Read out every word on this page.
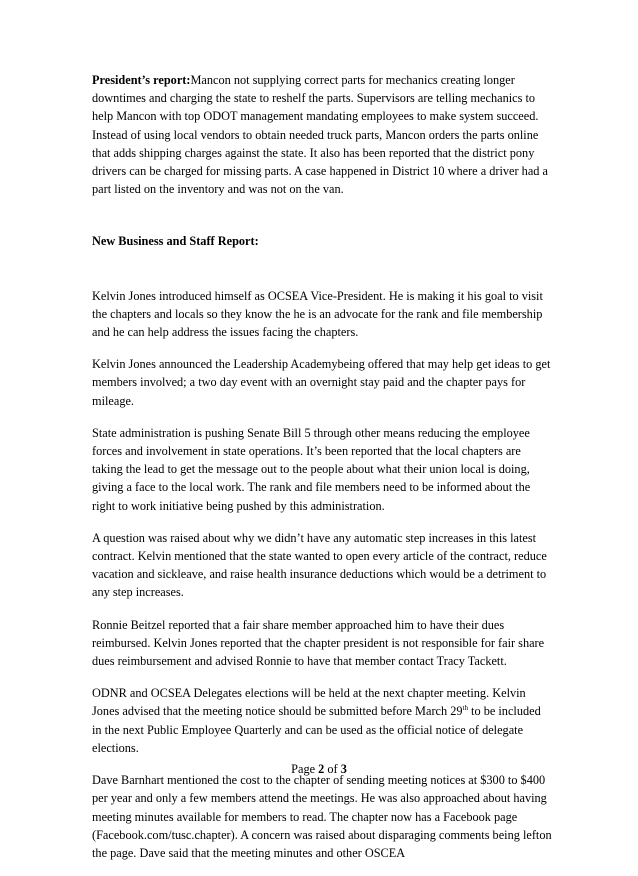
President’s report:Mancon not supplying correct parts for mechanics creating longer downtimes and charging the state to reshelf the parts. Supervisors are telling mechanics to help Mancon with top ODOT management mandating employees to make system succeed. Instead of using local vendors to obtain needed truck parts, Mancon orders the parts online that adds shipping charges against the state. It also has been reported that the district pony drivers can be charged for missing parts. A case happened in District 10 where a driver had a part listed on the inventory and was not on the van.

New Business and Staff Report:

Kelvin Jones introduced himself as OCSEA Vice-President. He is making it his goal to visit the chapters and locals so they know the he is an advocate for the rank and file membership and he can help address the issues facing the chapters.

Kelvin Jones announced the Leadership Academybeing offered that may help get ideas to get members involved; a two day event with an overnight stay paid and the chapter pays for mileage.

State administration is pushing Senate Bill 5 through other means reducing the employee forces and involvement in state operations. It’s been reported that the local chapters are taking the lead to get the message out to the people about what their union local is doing, giving a face to the local work. The rank and file members need to be informed about the right to work initiative being pushed by this administration.

A question was raised about why we didn’t have any automatic step increases in this latest contract. Kelvin mentioned that the state wanted to open every article of the contract, reduce vacation and sickleave, and raise health insurance deductions which would be a detriment to any step increases.

Ronnie Beitzel reported that a fair share member approached him to have their dues reimbursed. Kelvin Jones reported that the chapter president is not responsible for fair share dues reimbursement and advised Ronnie to have that member contact Tracy Tackett.

ODNR and OCSEA Delegates elections will be held at the next chapter meeting. Kelvin Jones advised that the meeting notice should be submitted before March 29th to be included in the next Public Employee Quarterly and can be used as the official notice of delegate elections.

Dave Barnhart mentioned the cost to the chapter of sending meeting notices at $300 to $400 per year and only a few members attend the meetings. He was also approached about having meeting minutes available for members to read. The chapter now has a Facebook page (Facebook.com/tusc.chapter). A concern was raised about disparaging comments being lefton the page. Dave said that the meeting minutes and other OSCEA

Page 2 of 3
